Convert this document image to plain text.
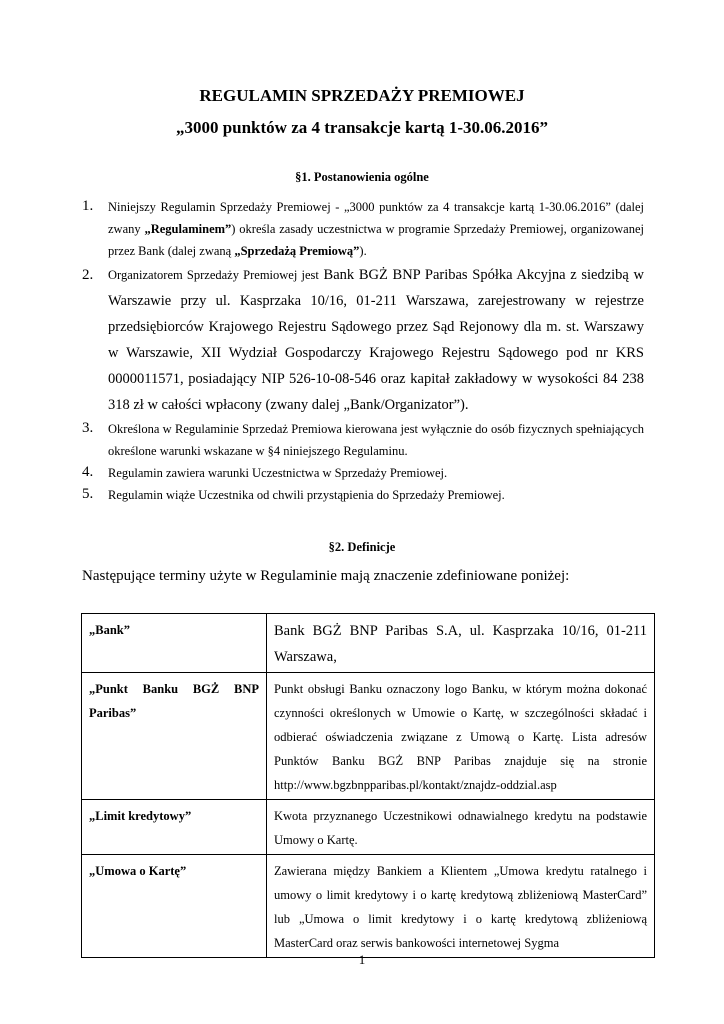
REGULAMIN SPRZEDAŻY PREMIOWEJ
„3000 punktów za 4 transakcje kartą 1-30.06.2016”
§1. Postanowienia ogólne
1. Niniejszy Regulamin Sprzedaży Premiowej - „3000 punktów za 4 transakcje kartą 1-30.06.2016” (dalej zwany „Regulaminem”) określa zasady uczestnictwa w programie Sprzedaży Premiowej, organizowanej przez Bank (dalej zwaną „Sprzedażą Premiową”).
2. Organizatorem Sprzedaży Premiowej jest Bank BGŻ BNP Paribas Spółka Akcyjna z siedzibą w Warszawie przy ul. Kasprzaka 10/16, 01-211 Warszawa, zarejestrowany w rejestrze przedsiębiorców Krajowego Rejestru Sądowego przez Sąd Rejonowy dla m. st. Warszawy w Warszawie, XII Wydział Gospodarczy Krajowego Rejestru Sądowego pod nr KRS 0000011571, posiadający NIP 526-10-08-546 oraz kapitał zakładowy w wysokości 84 238 318 zł w całości wpłacony (zwany dalej „Bank/Organizator”).
3. Określona w Regulaminie Sprzedaż Premiowa kierowana jest wyłącznie do osób fizycznych spełniających określone warunki wskazane w §4 niniejszego Regulaminu.
4. Regulamin zawiera warunki Uczestnictwa w Sprzedaży Premiowej.
5. Regulamin wiąże Uczestnika od chwili przystąpienia do Sprzedaży Premiowej.
§2. Definicje
Następujące terminy użyte w Regulaminie mają znaczenie zdefiniowane poniżej:
„Bank”	Bank BGŻ BNP Paribas S.A, ul. Kasprzaka 10/16, 01-211 Warszawa,
„Punkt Banku BGŻ BNP Paribas”	Punkt obsługi Banku oznaczony logo Banku, w którym można dokonać czynności określonych w Umowie o Kartę, w szczególności składać i odbierać oświadczenia związane z Umową o Kartę. Lista adresów Punktów Banku BGŻ BNP Paribas znajduje się na stronie http://www.bgzbnpparibas.pl/kontakt/znajdz-oddzial.asp
„Limit kredytowy”	Kwota przyznanego Uczestnikowi odnawialnego kredytu na podstawie Umowy o Kartę.
„Umowa o Kartę”	Zawierana między Bankiem a Klientem „Umowa kredytu ratalnego i umowy o limit kredytowy i o kartę kredytową zbliżeniową MasterCard” lub „Umowa o limit kredytowy i o kartę kredytową zbliżeniową MasterCard oraz serwis bankowości internetowej Sygma
1
